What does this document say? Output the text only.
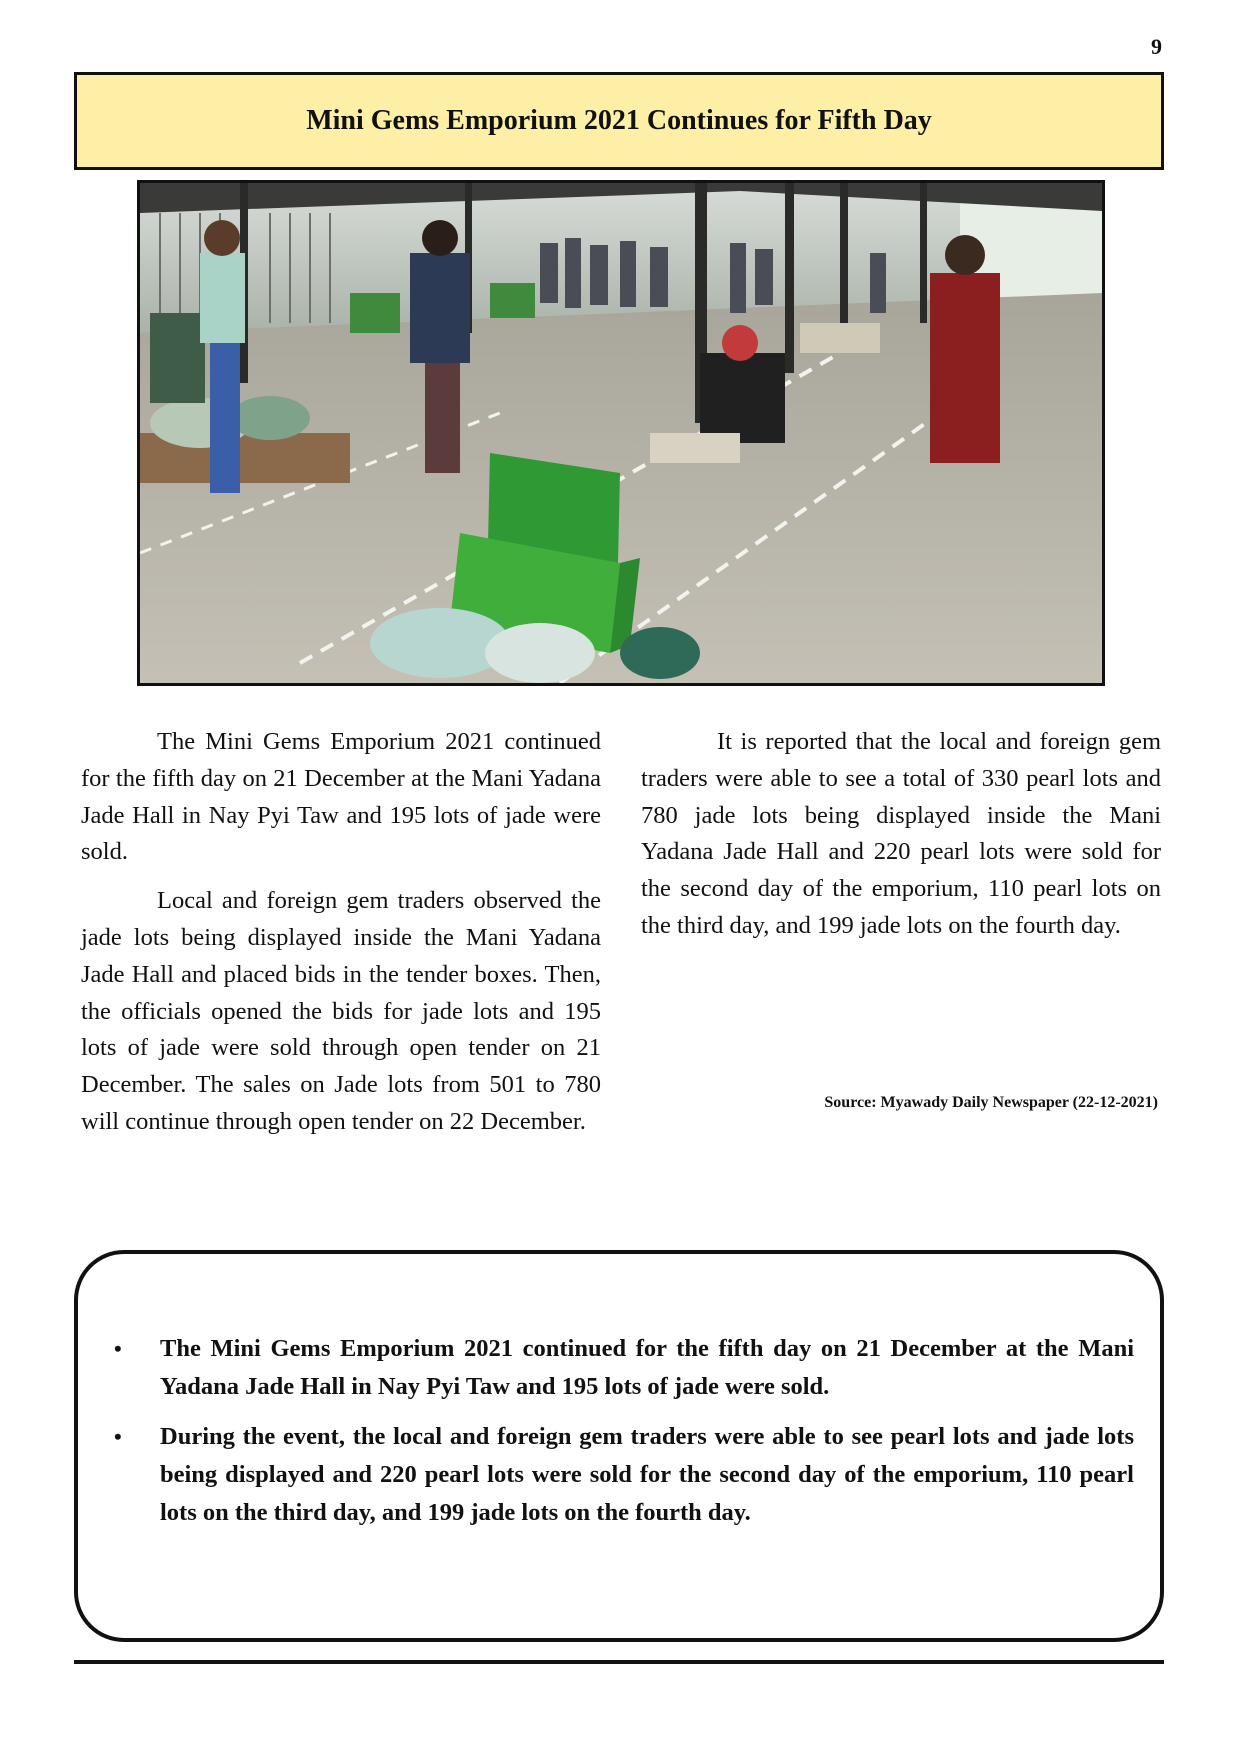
9
Mini Gems Emporium 2021 Continues for Fifth Day

The Mini Gems Emporium 2021 continued for the fifth day on 21 December at the Mani Yadana Jade Hall in Nay Pyi Taw and 195 lots of jade were sold.

Local and foreign gem traders observed the jade lots being displayed inside the Mani Yadana Jade Hall and placed bids in the tender boxes. Then, the officials opened the bids for jade lots and 195 lots of jade were sold through open tender on 21 December. The sales on Jade lots from 501 to 780 will continue through open tender on 22 December.

It is reported that the local and foreign gem traders were able to see a total of 330 pearl lots and 780 jade lots being displayed inside the Mani Yadana Jade Hall and 220 pearl lots were sold for the second day of the emporium, 110 pearl lots on the third day, and 199 jade lots on the fourth day.

Source: Myawady Daily Newspaper (22-12-2021)
• The Mini Gems Emporium 2021 continued for the fifth day on 21 December at the Mani Yadana Jade Hall in Nay Pyi Taw and 195 lots of jade were sold.
• During the event, the local and foreign gem traders were able to see pearl lots and jade lots being displayed and 220 pearl lots were sold for the second day of the emporium, 110 pearl lots on the third day, and 199 jade lots on the fourth day.
